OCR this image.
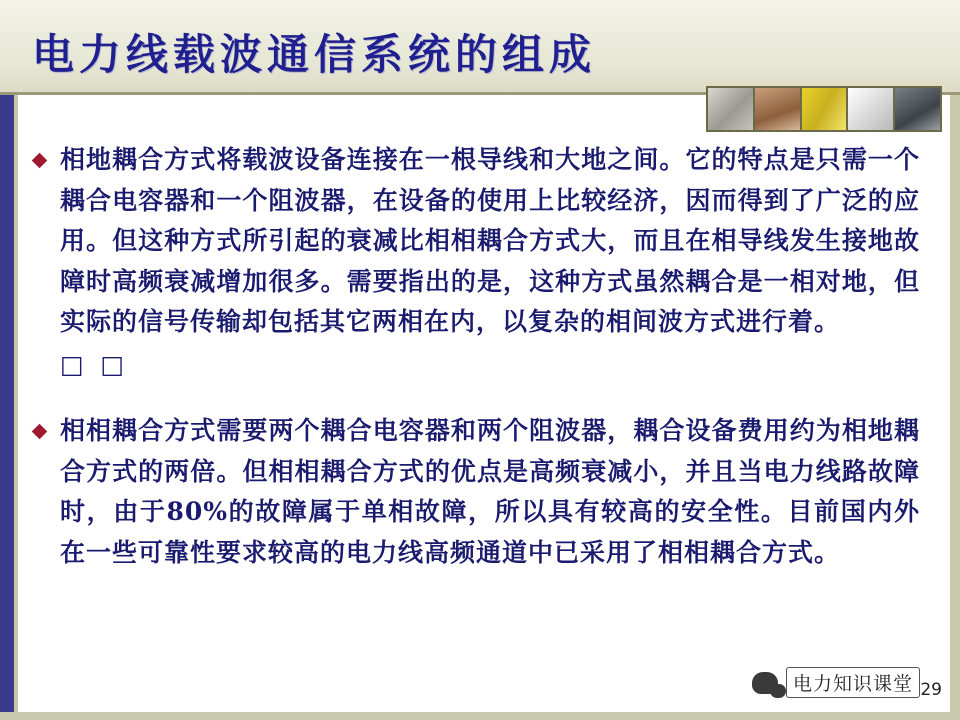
电力线载波通信系统的组成
相地耦合方式将载波设备连接在一根导线和大地之间。它的特点是只需一个耦合电容器和一个阻波器，在设备的使用上比较经济，因而得到了广泛的应用。但这种方式所引起的衰减比相相耦合方式大，而且在相导线发生接地故障时高频衰减增加很多。需要指出的是，这种方式虽然耦合是一相对地，但实际的信号传输却包括其它两相在内，以复杂的相间波方式进行着。
□ □
相相耦合方式需要两个耦合电容器和两个阻波器，耦合设备费用约为相地耦合方式的两倍。但相相耦合方式的优点是高频衰减小，并且当电力线路故障时，由于80%的故障属于单相故障，所以具有较高的安全性。目前国内外在一些可靠性要求较高的电力线高频通道中已采用了相相耦合方式。
电力知识课堂 29
